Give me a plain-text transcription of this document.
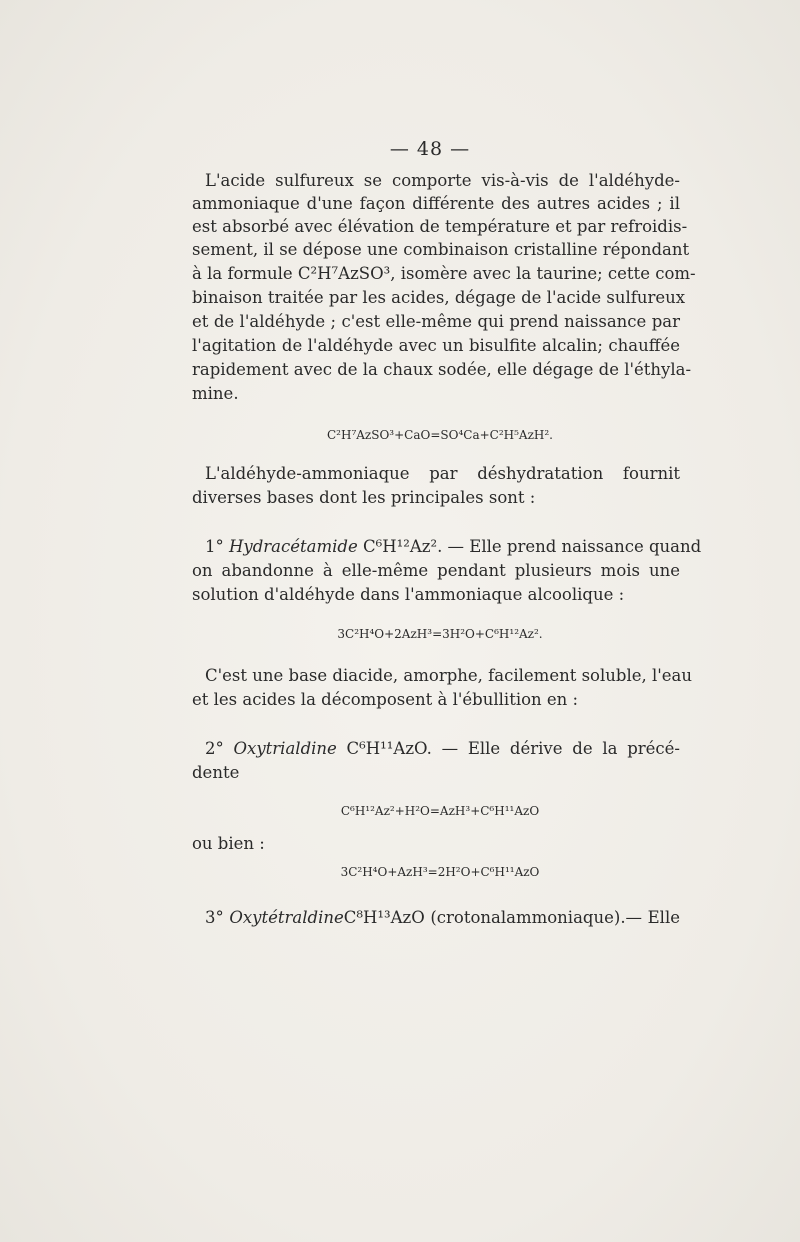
— 48 —
L'acide sulfureux se comporte vis-à-vis de l'aldéhyde-
ammoniaque d'une façon différente des autres acides ; il
est absorbé avec élévation de température et par refroidis-
sement, il se dépose une combinaison cristalline répondant
à la formule C²H⁷AzSO³, isomère avec la taurine; cette com-
binaison traitée par les acides, dégage de l'acide sulfureux
et de l'aldéhyde ; c'est elle-même qui prend naissance par
l'agitation de l'aldéhyde avec un bisulfite alcalin; chauffée
rapidement avec de la chaux sodée, elle dégage de l'éthyla-
mine.
C²H⁷AzSO³+CaO=SO⁴Ca+C²H⁵AzH².
L'aldéhyde-ammoniaque par déshydratation fournit
diverses bases dont les principales sont :
1° Hydracétamide C⁶H¹²Az². — Elle prend naissance quand
on abandonne à elle-même pendant plusieurs mois une
solution d'aldéhyde dans l'ammoniaque alcoolique :
3C²H⁴O+2AzH³=3H²O+C⁶H¹²Az².
C'est une base diacide, amorphe, facilement soluble, l'eau
et les acides la décomposent à l'ébullition en :
2° Oxytrialdine C⁶H¹¹AzO. — Elle dérive de la précé-
dente
C⁶H¹²Az²+H²O=AzH³+C⁶H¹¹AzO
ou bien :
3C²H⁴O+AzH³=2H²O+C⁶H¹¹AzO
3° OxytétraldineC⁸H¹³AzO (crotonalammoniaque).— Elle
